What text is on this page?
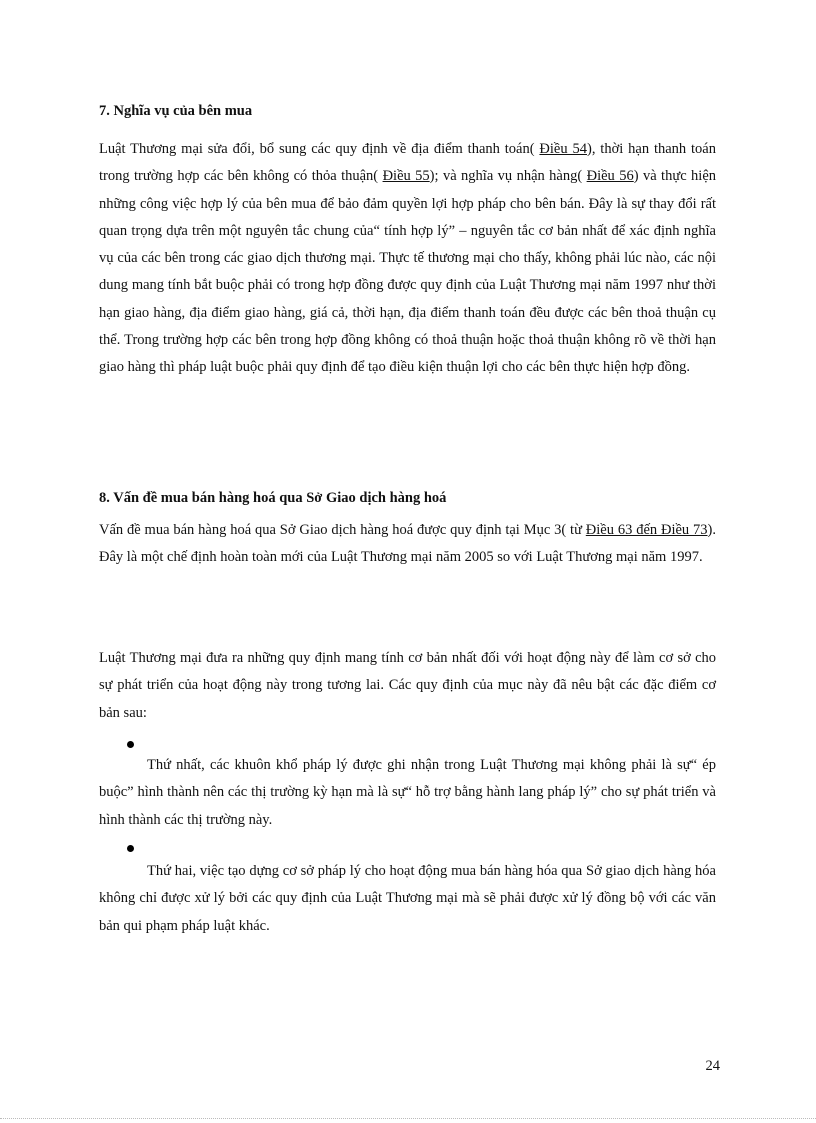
7. Nghĩa vụ của bên mua

Luật Thương mại sửa đổi, bổ sung các quy định về địa điểm thanh toán( Điều 54), thời hạn thanh toán trong trường hợp các bên không có thỏa thuận( Điều 55); và nghĩa vụ nhận hàng( Điều 56) và thực hiện những công việc hợp lý của bên mua để bảo đảm quyền lợi hợp pháp cho bên bán. Đây là sự thay đổi rất quan trọng dựa trên một nguyên tắc chung của“ tính hợp lý” – nguyên tắc cơ bản nhất để xác định nghĩa vụ của các bên trong các giao dịch thương mại. Thực tế thương mại cho thấy, không phải lúc nào, các nội dung mang tính bắt buộc phải có trong hợp đồng được quy định của Luật Thương mại năm 1997 như thời hạn giao hàng, địa điểm giao hàng, giá cả, thời hạn, địa điểm thanh toán đều được các bên thoả thuận cụ thể. Trong trường hợp các bên trong hợp đồng không có thoả thuận hoặc thoả thuận không rõ về thời hạn giao hàng thì pháp luật buộc phải quy định để tạo điều kiện thuận lợi cho các bên thực hiện hợp đồng.

8. Vấn đề mua bán hàng hoá qua Sở Giao dịch hàng hoá

Vấn đề mua bán hàng hoá qua Sở Giao dịch hàng hoá được quy định tại Mục 3( từ Điều 63 đến Điều 73). Đây là một chế định hoàn toàn mới của Luật Thương mại năm 2005 so với Luật Thương mại năm 1997.

Luật Thương mại đưa ra những quy định mang tính cơ bản nhất đối với hoạt động này để làm cơ sở cho sự phát triển của hoạt động này trong tương lai. Các quy định của mục này đã nêu bật các đặc điểm cơ bản sau:

Thứ nhất, các khuôn khổ pháp lý được ghi nhận trong Luật Thương mại không phải là sự“ ép buộc” hình thành nên các thị trường kỳ hạn mà là sự“ hỗ trợ bằng hành lang pháp lý” cho sự phát triển và hình thành các thị trường này.

Thứ hai, việc tạo dựng cơ sở pháp lý cho hoạt động mua bán hàng hóa qua Sở giao dịch hàng hóa không chỉ được xử lý bởi các quy định của Luật Thương mại mà sẽ phải được xử lý đồng bộ với các văn bản qui phạm pháp luật khác.

24
